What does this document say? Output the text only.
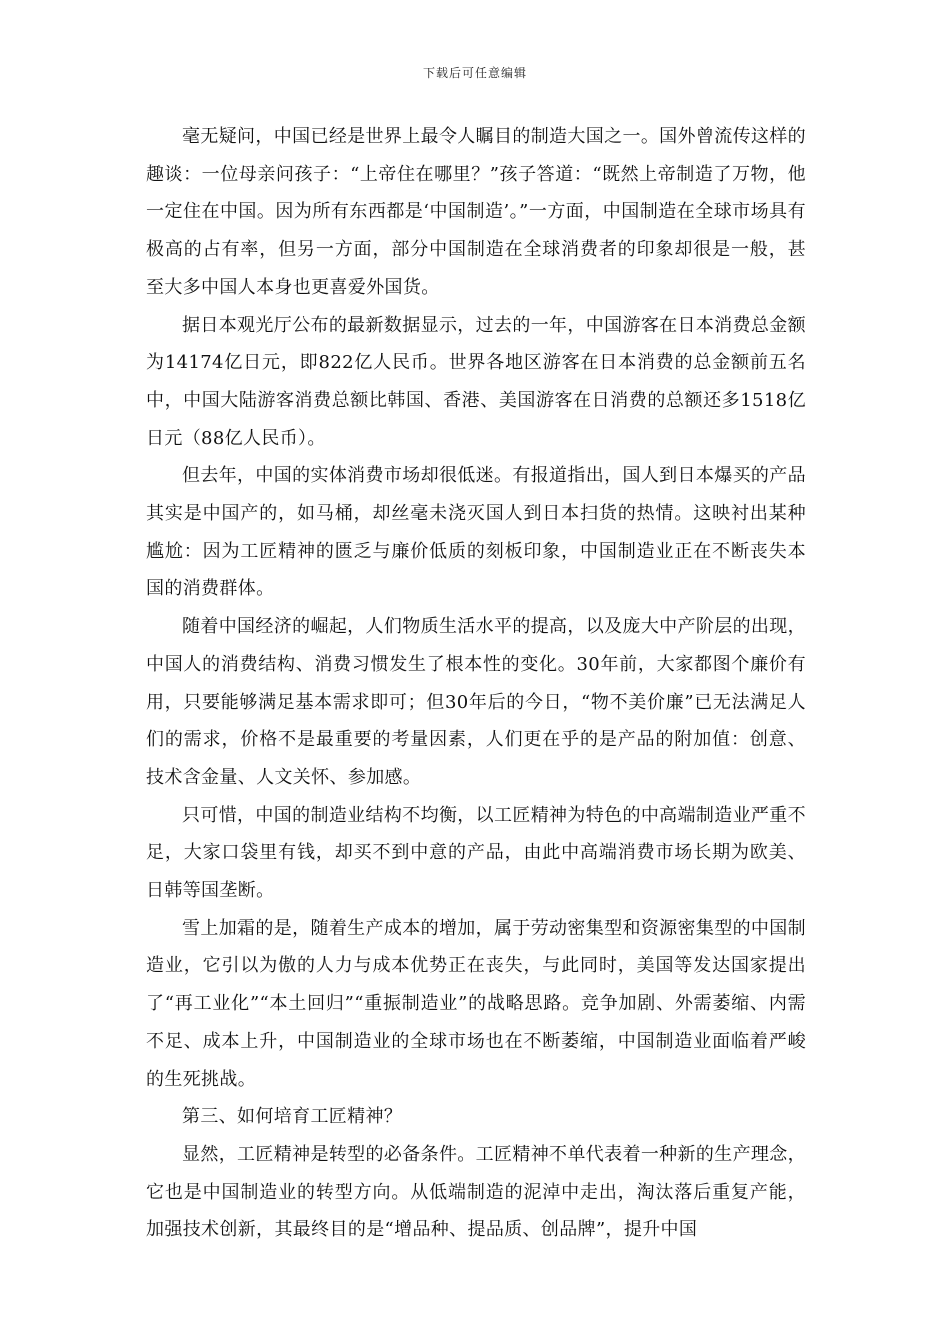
下载后可任意编辑

毫无疑问，中国已经是世界上最令人瞩目的制造大国之一。国外曾流传这样的趣谈：一位母亲问孩子：“上帝住在哪里？”孩子答道：“既然上帝制造了万物，他一定住在中国。因为所有东西都是‘中国制造’。”一方面，中国制造在全球市场具有极高的占有率，但另一方面，部分中国制造在全球消费者的印象却很是一般，甚至大多中国人本身也更喜爱外国货。

据日本观光厅公布的最新数据显示，过去的一年，中国游客在日本消费总金额为14174亿日元，即822亿人民币。世界各地区游客在日本消费的总金额前五名中，中国大陆游客消费总额比韩国、香港、美国游客在日消费的总额还多1518亿日元（88亿人民币）。

但去年，中国的实体消费市场却很低迷。有报道指出，国人到日本爆买的产品其实是中国产的，如马桶，却丝毫未浇灭国人到日本扫货的热情。这映衬出某种尴尬：因为工匠精神的匮乏与廉价低质的刻板印象，中国制造业正在不断丧失本国的消费群体。

随着中国经济的崛起，人们物质生活水平的提高，以及庞大中产阶层的出现，中国人的消费结构、消费习惯发生了根本性的变化。30年前，大家都图个廉价有用，只要能够满足基本需求即可；但30年后的今日，“物不美价廉”已无法满足人们的需求，价格不是最重要的考量因素，人们更在乎的是产品的附加值：创意、技术含金量、人文关怀、参加感。

只可惜，中国的制造业结构不均衡，以工匠精神为特色的中高端制造业严重不足，大家口袋里有钱，却买不到中意的产品，由此中高端消费市场长期为欧美、日韩等国垄断。

雪上加霜的是，随着生产成本的增加，属于劳动密集型和资源密集型的中国制造业，它引以为傲的人力与成本优势正在丧失，与此同时，美国等发达国家提出了“再工业化”“本土回归”“重振制造业”的战略思路。竞争加剧、外需萎缩、内需不足、成本上升，中国制造业的全球市场也在不断萎缩，中国制造业面临着严峻的生死挑战。

第三、如何培育工匠精神？

显然，工匠精神是转型的必备条件。工匠精神不单代表着一种新的生产理念，它也是中国制造业的转型方向。从低端制造的泥淖中走出，淘汰落后重复产能，加强技术创新，其最终目的是“增品种、提品质、创品牌”，提升中国
